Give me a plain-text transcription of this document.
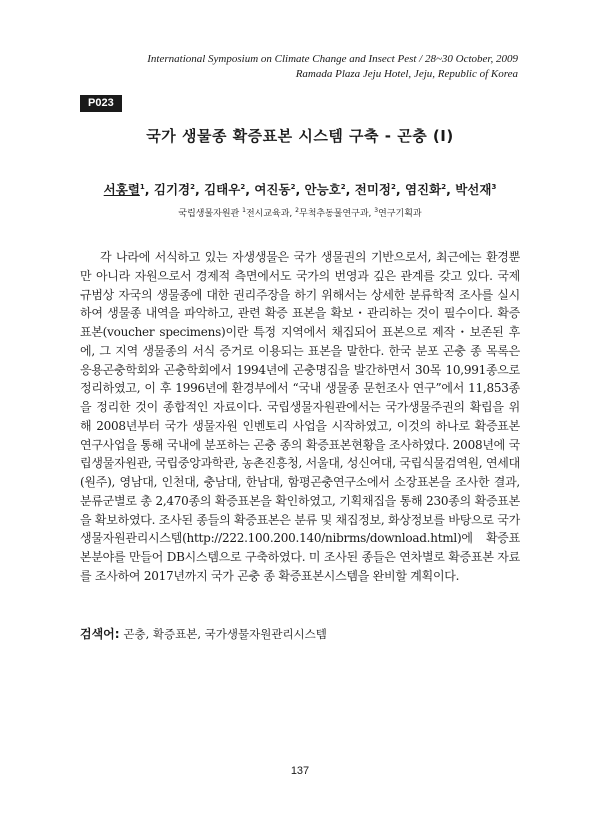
International Symposium on Climate Change and Insect Pest / 28~30 October, 2009
Ramada Plaza Jeju Hotel, Jeju, Republic of Korea
P023
국가 생물종 확증표본 시스템 구축 - 곤충 (I)
서홍렬$^1$, 김기경$^2$, 김태우$^2$, 여진동$^2$, 안능호$^2$, 전미정$^2$, 염진화$^2$, 박선재$^3$
국립생물자원관 $^1$전시교육과, $^2$무척추동물연구과, $^3$연구기획과

각 나라에 서식하고 있는 자생생물은 국가 생물권의 기반으로서, 최근에는 환경뿐만 아니라 자원으로서 경제적 측면에서도 국가의 번영과 깊은 관계를 갖고 있다. 국제 규범상 자국의 생물종에 대한 권리주장을 하기 위해서는 상세한 분류학적 조사를 실시하여 생물종 내역을 파악하고, 관련 확증 표본을 확보・관리하는 것이 필수이다. 확증표본(voucher specimens)이란 특정 지역에서 채집되어 표본으로 제작・보존된 후에, 그 지역 생물종의 서식 증거로 이용되는 표본을 말한다. 한국 분포 곤충 종 목록은 응용곤충학회와 곤충학회에서 1994년에 곤충명집을 발간하면서 30목 10,991종으로 정리하였고, 이 후 1996년에 환경부에서 “국내 생물종 문헌조사 연구”에서 11,853종을 정리한 것이 종합적인 자료이다. 국립생물자원관에서는 국가생물주권의 확립을 위해 2008년부터 국가 생물자원 인벤토리 사업을 시작하였고, 이것의 하나로 확증표본 연구사업을 통해 국내에 분포하는 곤충 종의 확증표본현황을 조사하였다. 2008년에 국립생물자원관, 국립중앙과학관, 농촌진흥청, 서울대, 성신여대, 국립식물검역원, 연세대(원주), 영남대, 인천대, 충남대, 한남대, 함평곤충연구소에서 소장표본을 조사한 결과, 분류군별로 총 2,470종의 확증표본을 확인하였고, 기획채집을 통해 230종의 확증표본을 확보하였다. 조사된 종들의 확증표본은 분류 및 채집정보, 화상정보를 바탕으로 국가생물자원관리시스템(http://222.100.200.140/nibrms/download.html)에 확증표본분야를 만들어 DB시스템으로 구축하였다. 미 조사된 종들은 연차별로 확증표본 자료를 조사하여 2017년까지 국가 곤충 종 확증표본시스템을 완비할 계획이다.

검색어: 곤충, 확증표본, 국가생물자원관리시스템
137
